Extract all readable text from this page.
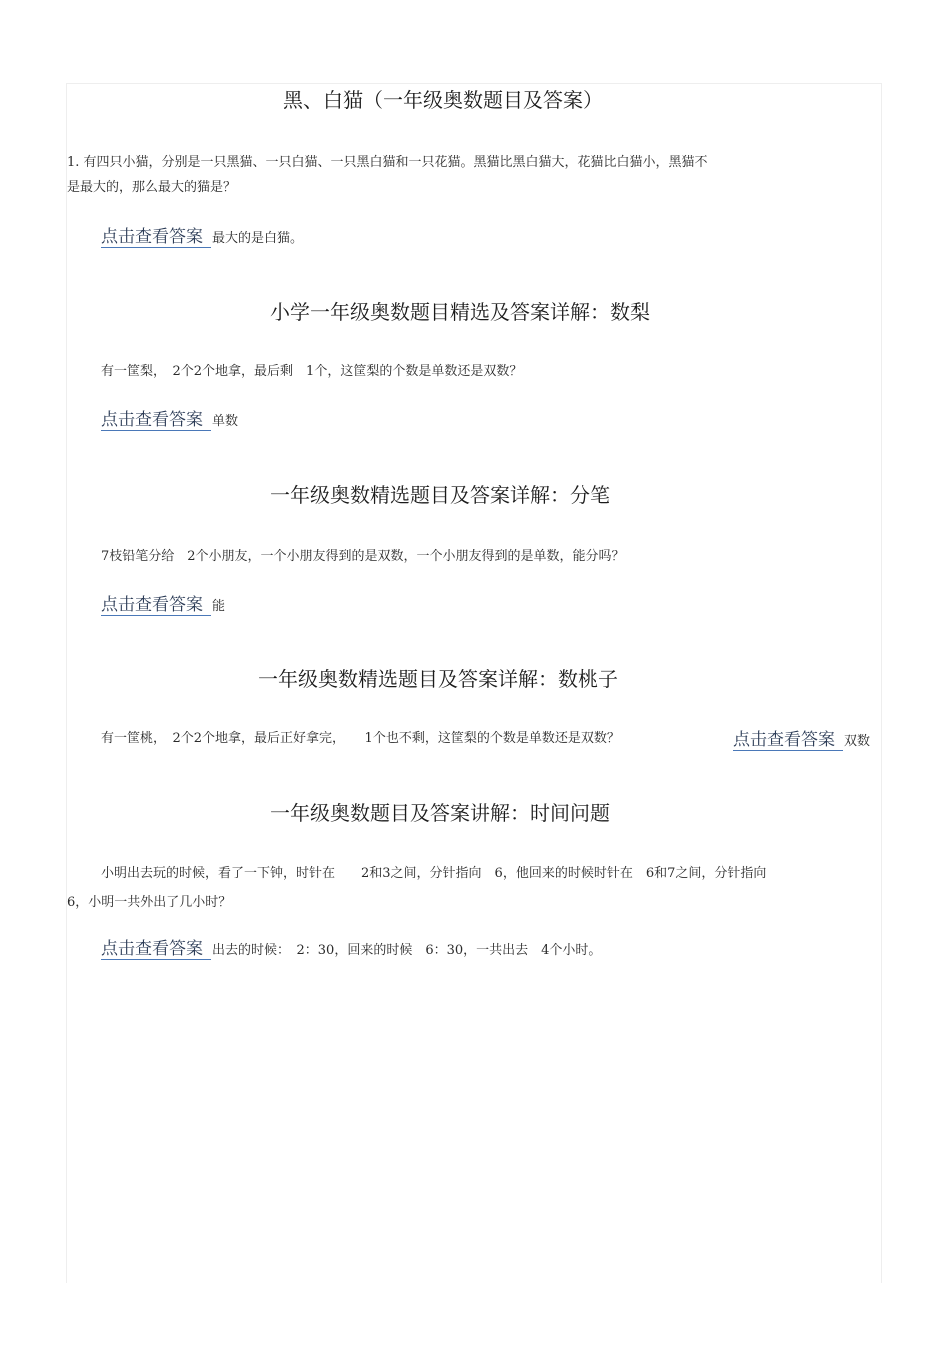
黑、白猫（一年级奥数题目及答案）
1. 有四只小猫，分别是一只黑猫、一只白猫、一只黑白猫和一只花猫。黑猫比黑白猫大，花猫比白猫小，黑猫不
是最大的，那么最大的猫是？
点击查看答案 最大的是白猫。
小学一年级奥数题目精选及答案详解：数梨
有一筐梨，　2个2个地拿，最后剩　1个，这筐梨的个数是单数还是双数？
点击查看答案 单数
一年级奥数精选题目及答案详解：分笔
7枝铅笔分给　2个小朋友，一个小朋友得到的是双数，一个小朋友得到的是单数，能分吗？
点击查看答案 能
一年级奥数精选题目及答案详解：数桃子
有一筐桃，　2个2个地拿，最后正好拿完，　　1个也不剩，这筐梨的个数是单数还是双数？	点击查看答案 双数
一年级奥数题目及答案讲解：时间问题
小明出去玩的时候，看了一下钟，时针在　　2和3之间，分针指向　6，他回来的时候时针在　6和7之间，分针指向
6，小明一共外出了几小时？
点击查看答案 出去的时候：　2：30，回来的时候　6：30，一共出去　4个小时。
